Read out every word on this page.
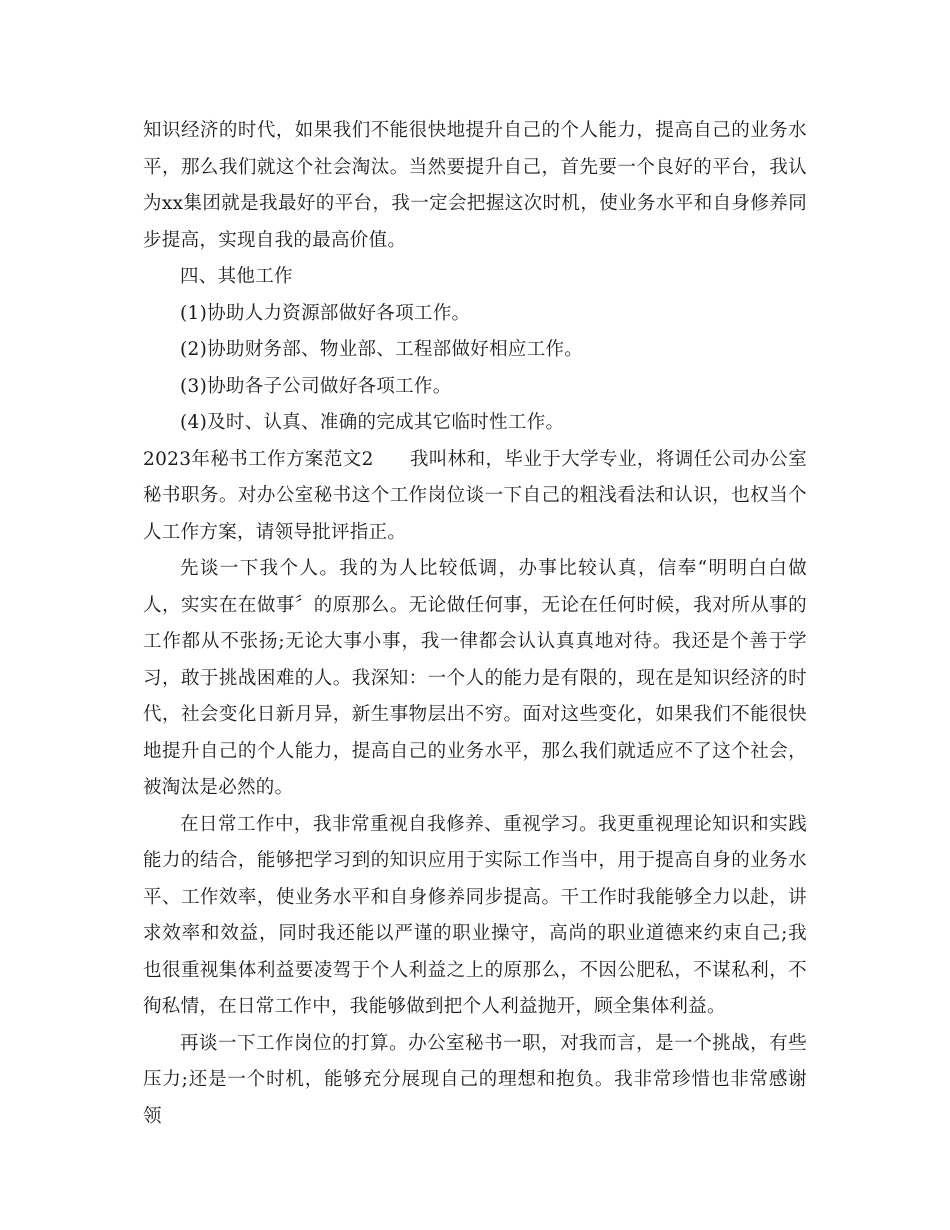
知识经济的时代，如果我们不能很快地提升自己的个人能力，提高自己的业务水平，那么我们就这个社会淘汰。当然要提升自己，首先要一个良好的平台，我认为xx集团就是我最好的平台，我一定会把握这次时机，使业务水平和自身修养同步提高，实现自我的最高价值。

四、其他工作

(1)协助人力资源部做好各项工作。

(2)协助财务部、物业部、工程部做好相应工作。

(3)协助各子公司做好各项工作。

(4)及时、认真、准确的完成其它临时性工作。

2023年秘书工作方案范文2 我叫林和，毕业于大学专业，将调任公司办公室秘书职务。对办公室秘书这个工作岗位谈一下自己的粗浅看法和认识，也权当个人工作方案，请领导批评指正。

先谈一下我个人。我的为人比较低调，办事比较认真，信奉“明明白白做人，实实在在做事〞的原那么。无论做任何事，无论在任何时候，我对所从事的工作都从不张扬;无论大事小事，我一律都会认认真真地对待。我还是个善于学习，敢于挑战困难的人。我深知：一个人的能力是有限的，现在是知识经济的时代，社会变化日新月异，新生事物层出不穷。面对这些变化，如果我们不能很快地提升自己的个人能力，提高自己的业务水平，那么我们就适应不了这个社会，被淘汰是必然的。

在日常工作中，我非常重视自我修养、重视学习。我更重视理论知识和实践能力的结合，能够把学习到的知识应用于实际工作当中，用于提高自身的业务水平、工作效率，使业务水平和自身修养同步提高。干工作时我能够全力以赴，讲求效率和效益，同时我还能以严谨的职业操守，高尚的职业道德来约束自己;我也很重视集体利益要凌驾于个人利益之上的原那么，不因公肥私，不谋私利，不徇私情，在日常工作中，我能够做到把个人利益抛开，顾全集体利益。

再谈一下工作岗位的打算。办公室秘书一职，对我而言，是一个挑战，有些压力;还是一个时机，能够充分展现自己的理想和抱负。我非常珍惜也非常感谢领
